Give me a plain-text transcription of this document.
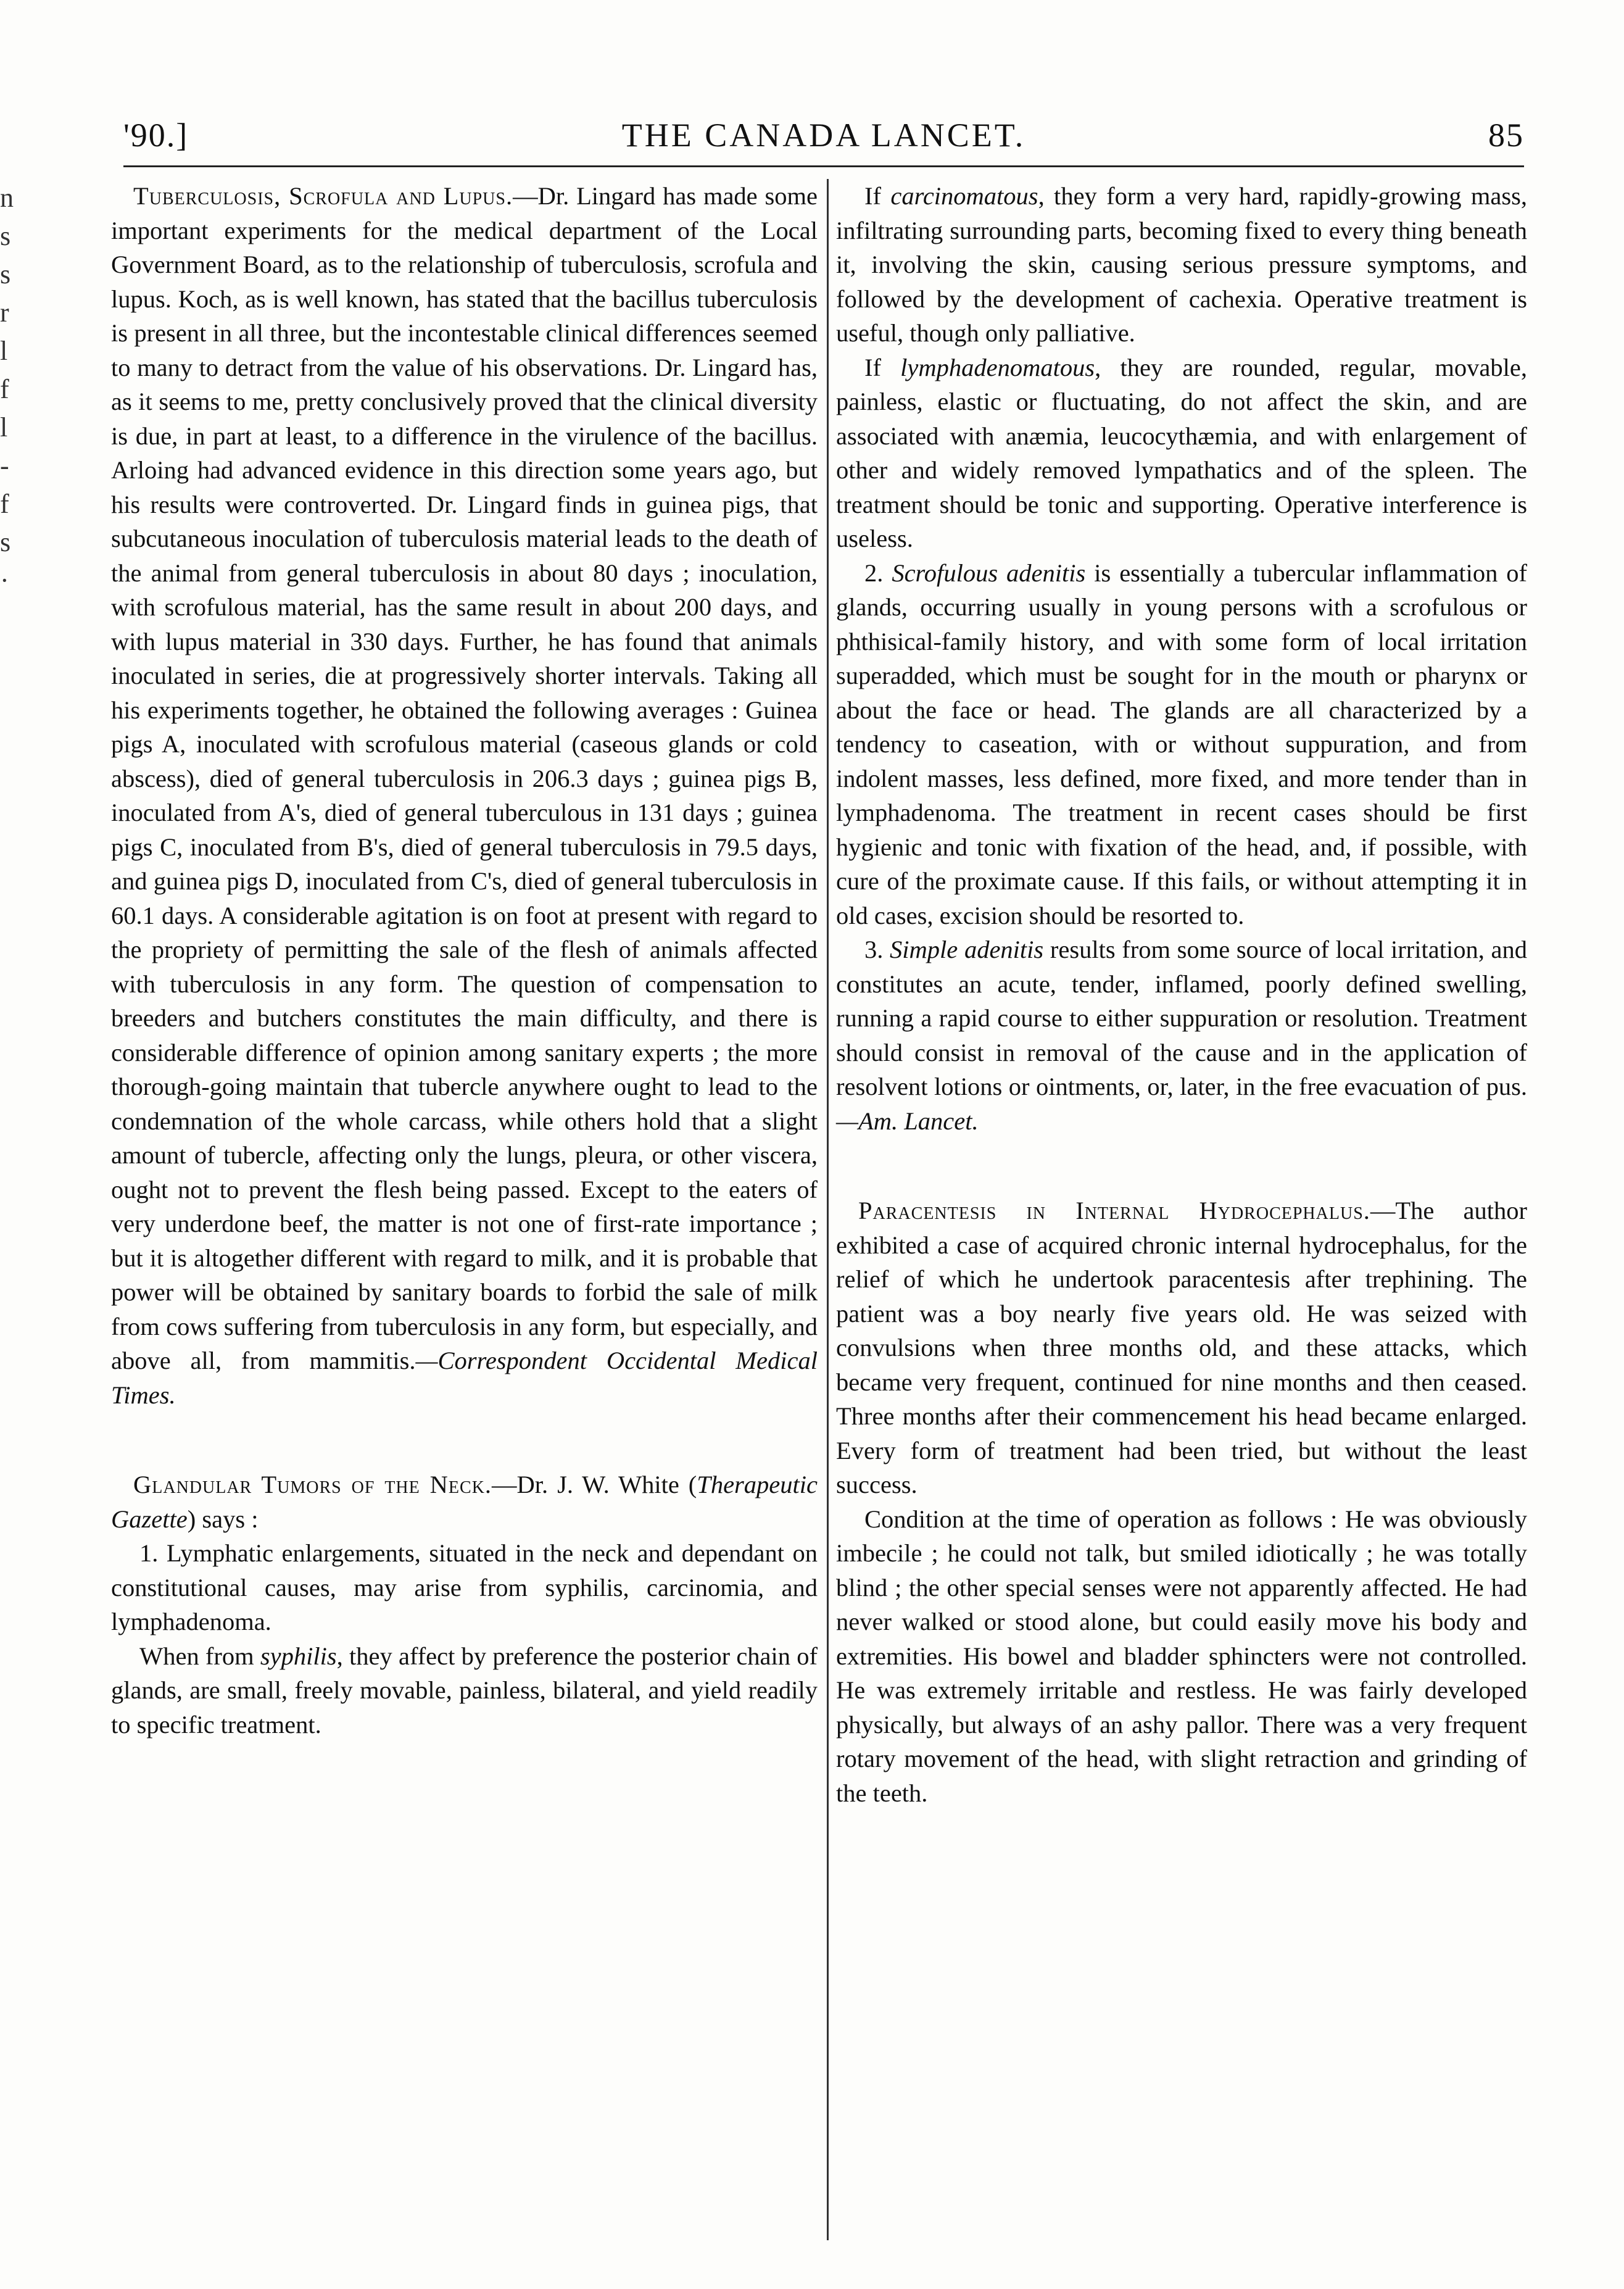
'90.]	THE CANADA LANCET.	85
n
s
s
r
l
f
l
-
f
s
·

Tuberculosis, Scrofula and Lupus.—Dr. Lingard has made some important experiments for the medical department of the Local Government Board, as to the relationship of tuberculosis, scrofula and lupus. Koch, as is well known, has stated that the bacillus tuberculosis is present in all three, but the incontestable clinical differences seemed to many to detract from the value of his observations. Dr. Lingard has, as it seems to me, pretty conclusively proved that the clinical diversity is due, in part at least, to a difference in the virulence of the bacillus. Arloing had advanced evidence in this direction some years ago, but his results were controverted. Dr. Lingard finds in guinea pigs, that subcutaneous inoculation of tuberculosis material leads to the death of the animal from general tuberculosis in about 80 days ; inoculation, with scrofulous material, has the same result in about 200 days, and with lupus material in 330 days. Further, he has found that animals inoculated in series, die at progressively shorter intervals. Taking all his experiments together, he obtained the following averages : Guinea pigs A, inoculated with scrofulous material (caseous glands or cold abscess), died of general tuberculosis in 206.3 days ; guinea pigs B, inoculated from A's, died of general tuberculous in 131 days ; guinea pigs C, inoculated from B's, died of general tuberculosis in 79.5 days, and guinea pigs D, inoculated from C's, died of general tuberculosis in 60.1 days. A considerable agitation is on foot at present with regard to the propriety of permitting the sale of the flesh of animals affected with tuberculosis in any form. The question of compensation to breeders and butchers constitutes the main difficulty, and there is considerable difference of opinion among sanitary experts ; the more thorough-going maintain that tubercle anywhere ought to lead to the condemnation of the whole carcass, while others hold that a slight amount of tubercle, affecting only the lungs, pleura, or other viscera, ought not to prevent the flesh being passed. Except to the eaters of very underdone beef, the matter is not one of first-rate importance ; but it is altogether different with regard to milk, and it is probable that power will be obtained by sanitary boards to forbid the sale of milk from cows suffering from tuberculosis in any form, but especially, and above all, from mammitis.—Correspondent Occidental Medical Times.

Glandular Tumors of the Neck.—Dr. J. W. White (Therapeutic Gazette) says :

1. Lymphatic enlargements, situated in the neck and dependant on constitutional causes, may arise from syphilis, carcinomia, and lymphadenoma.

When from syphilis, they affect by preference the posterior chain of glands, are small, freely movable, painless, bilateral, and yield readily to specific treatment.

If carcinomatous, they form a very hard, rapidly-growing mass, infiltrating surrounding parts, becoming fixed to every thing beneath it, involving the skin, causing serious pressure symptoms, and followed by the development of cachexia. Operative treatment is useful, though only palliative.

If lymphadenomatous, they are rounded, regular, movable, painless, elastic or fluctuating, do not affect the skin, and are associated with anæmia, leucocythæmia, and with enlargement of other and widely removed lympathatics and of the spleen. The treatment should be tonic and supporting. Operative interference is useless.

2. Scrofulous adenitis is essentially a tubercular inflammation of glands, occurring usually in young persons with a scrofulous or phthisical-family history, and with some form of local irritation superadded, which must be sought for in the mouth or pharynx or about the face or head. The glands are all characterized by a tendency to caseation, with or without suppuration, and from indolent masses, less defined, more fixed, and more tender than in lymphadenoma. The treatment in recent cases should be first hygienic and tonic with fixation of the head, and, if possible, with cure of the proximate cause. If this fails, or without attempting it in old cases, excision should be resorted to.

3. Simple adenitis results from some source of local irritation, and constitutes an acute, tender, inflamed, poorly defined swelling, running a rapid course to either suppuration or resolution. Treatment should consist in removal of the cause and in the application of resolvent lotions or ointments, or, later, in the free evacuation of pus.—Am. Lancet.

Paracentesis in Internal Hydrocephalus.—The author exhibited a case of acquired chronic internal hydrocephalus, for the relief of which he undertook paracentesis after trephining. The patient was a boy nearly five years old. He was seized with convulsions when three months old, and these attacks, which became very frequent, continued for nine months and then ceased. Three months after their commencement his head became enlarged. Every form of treatment had been tried, but without the least success.

Condition at the time of operation as follows : He was obviously imbecile ; he could not talk, but smiled idiotically ; he was totally blind ; the other special senses were not apparently affected. He had never walked or stood alone, but could easily move his body and extremities. His bowel and bladder sphincters were not controlled. He was extremely irritable and restless. He was fairly developed physically, but always of an ashy pallor. There was a very frequent rotary movement of the head, with slight retraction and grinding of the teeth.
